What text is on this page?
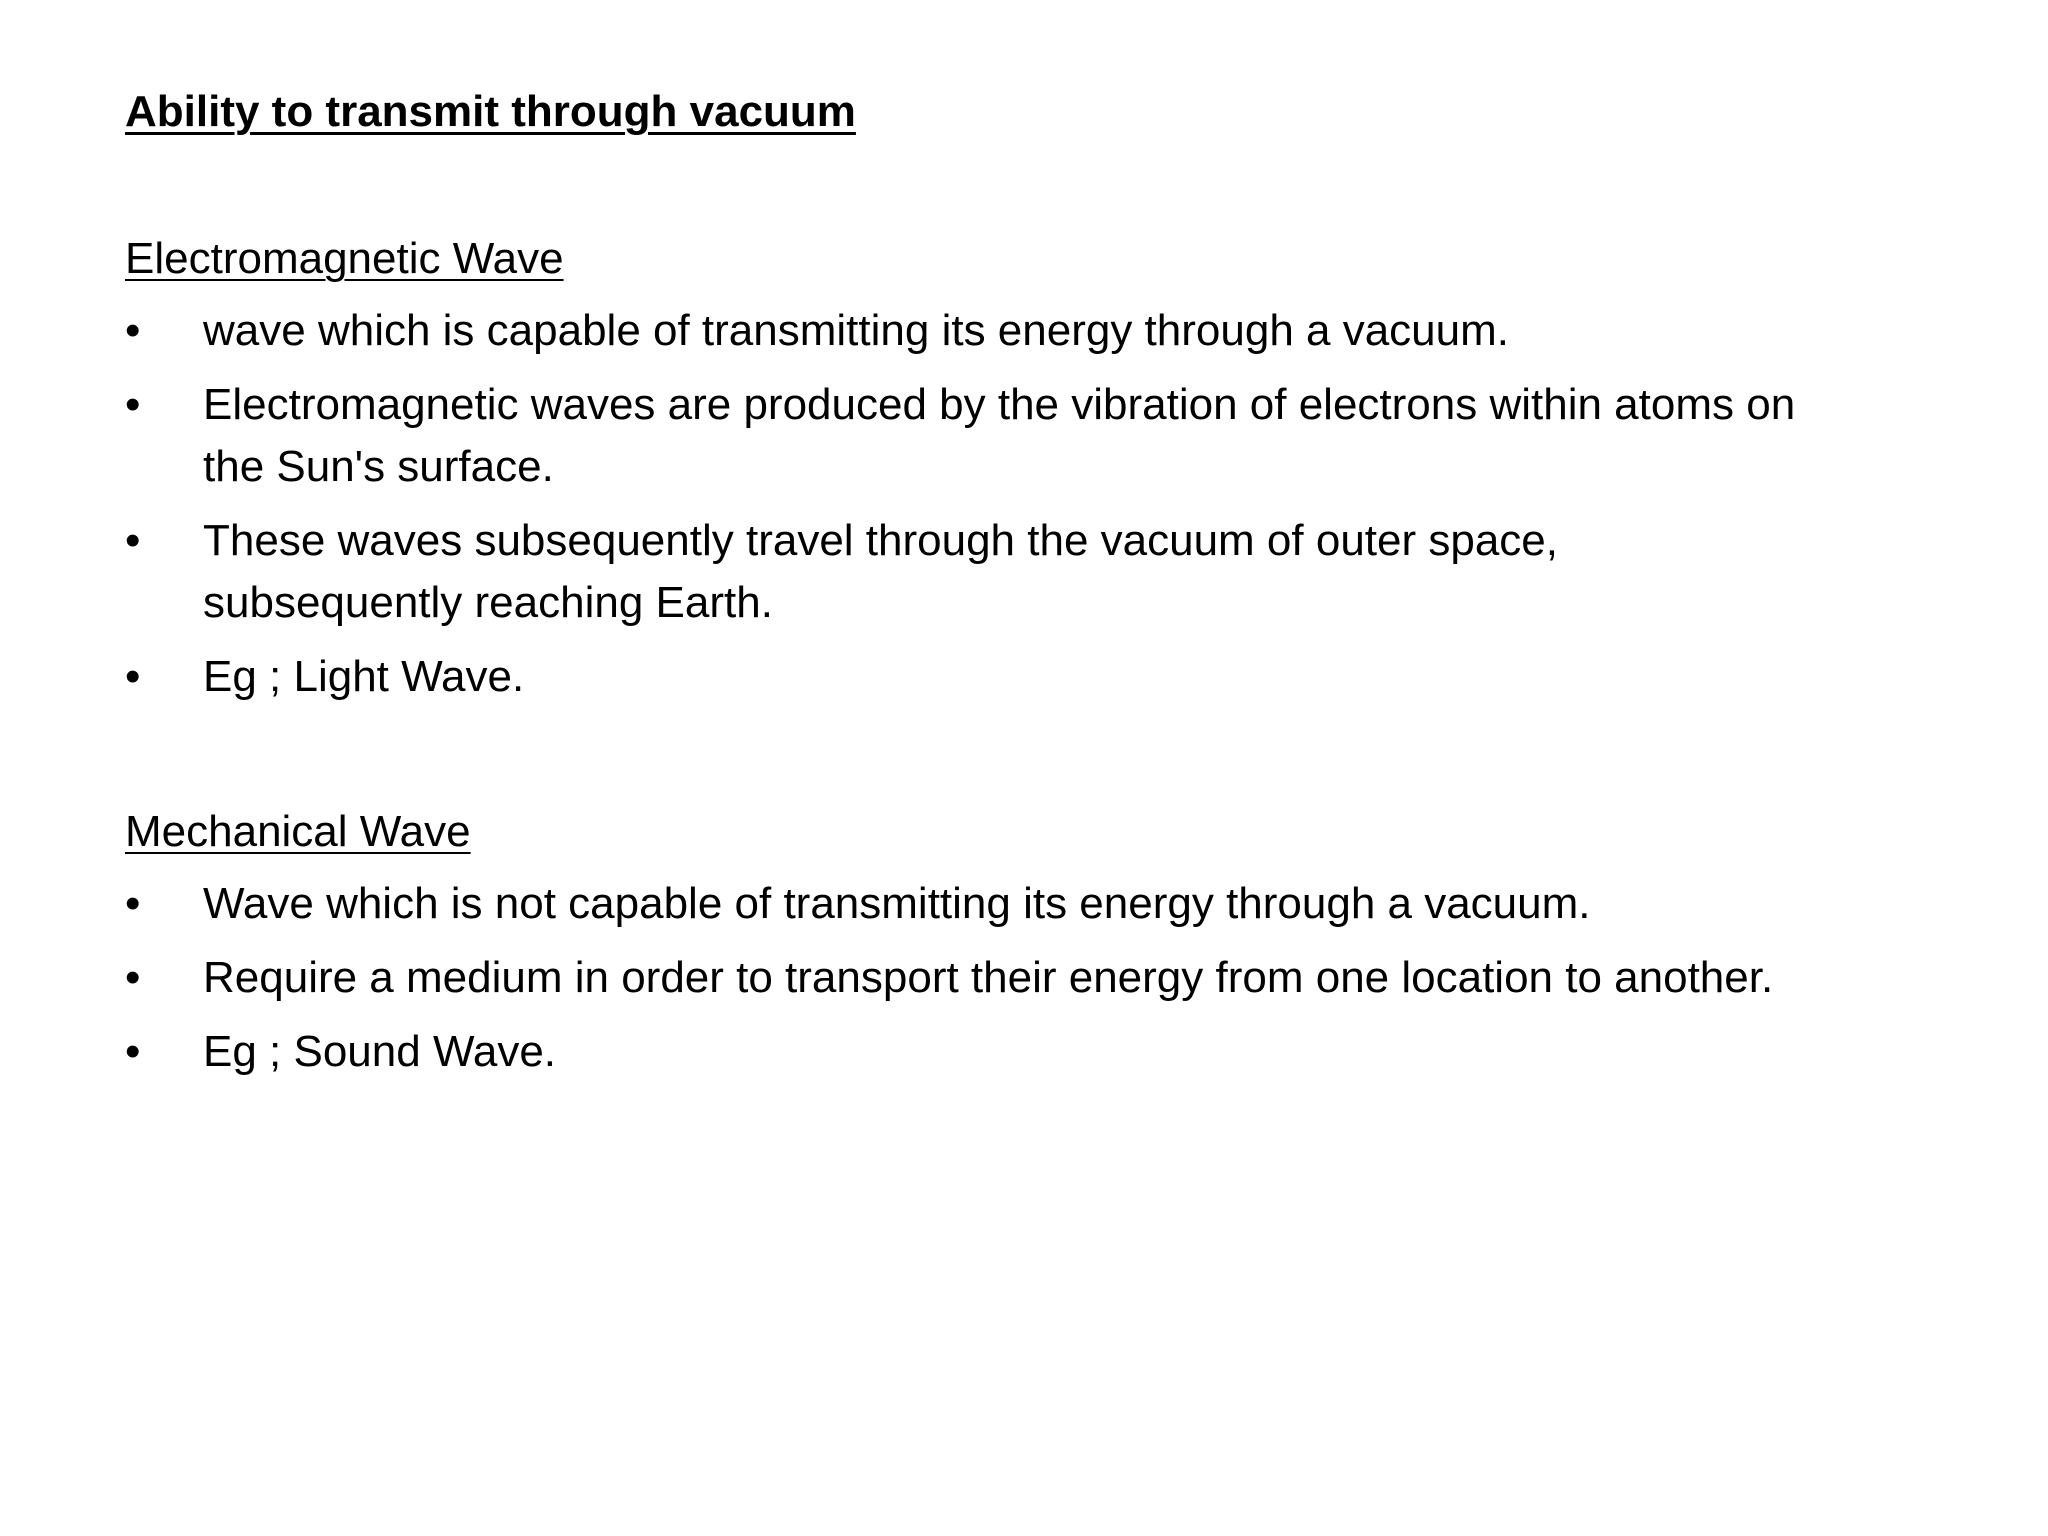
Ability to transmit through vacuum
Electromagnetic Wave
•	wave which is capable of transmitting its energy through a vacuum.
•	Electromagnetic waves are produced by the vibration of electrons within atoms on the Sun's surface.
•	These waves subsequently travel through the vacuum of outer space, subsequently reaching Earth.
•	Eg ; Light Wave.
Mechanical Wave
•	Wave which is not capable of transmitting its energy through a vacuum.
•	Require a medium in order to transport their energy from one location to another.
•	Eg ; Sound Wave.
